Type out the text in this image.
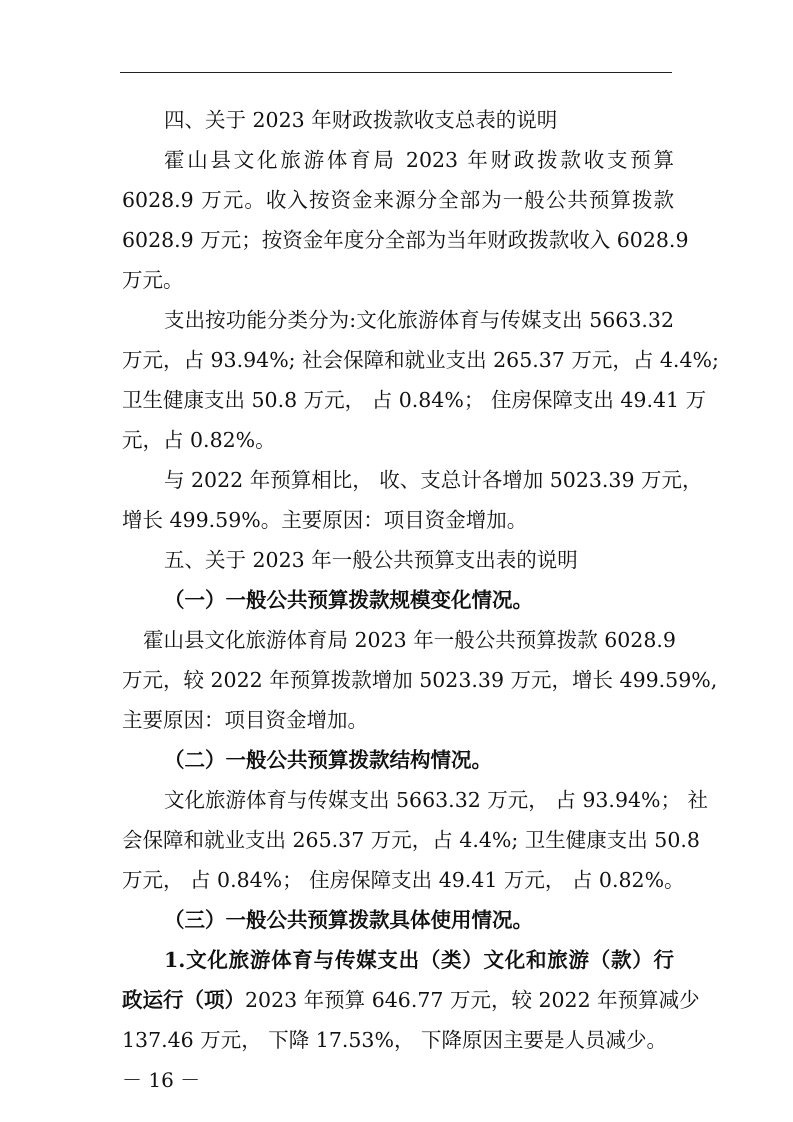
四、关于 2023 年财政拨款收支总表的说明
霍山县文化旅游体育局 2023 年财政拨款收支预算
6028.9 万元。收入按资金来源分全部为一般公共预算拨款
6028.9 万元；按资金年度分全部为当年财政拨款收入 6028.9
万元。
支出按功能分类分为:文化旅游体育与传媒支出 5663.32
万元，占 93.94%; 社会保障和就业支出 265.37 万元，占 4.4%;
卫生健康支出 50.8 万元， 占 0.84%； 住房保障支出 49.41 万
元，占 0.82%。
与 2022 年预算相比， 收、支总计各增加 5023.39 万元，
增长 499.59%。主要原因：项目资金增加。
五、关于 2023 年一般公共预算支出表的说明
（一）一般公共预算拨款规模变化情况。
霍山县文化旅游体育局 2023 年一般公共预算拨款 6028.9
万元，较 2022 年预算拨款增加 5023.39 万元，增长 499.59%,
主要原因：项目资金增加。
（二）一般公共预算拨款结构情况。
文化旅游体育与传媒支出 5663.32 万元， 占 93.94%； 社
会保障和就业支出 265.37 万元，占 4.4%; 卫生健康支出 50.8
万元， 占 0.84%； 住房保障支出 49.41 万元， 占 0.82%。
（三）一般公共预算拨款具体使用情况。
1.文化旅游体育与传媒支出（类）文化和旅游（款）行
政运行（项）2023 年预算 646.77 万元，较 2022 年预算减少
137.46 万元， 下降 17.53%， 下降原因主要是人员减少。
－ 16 －
